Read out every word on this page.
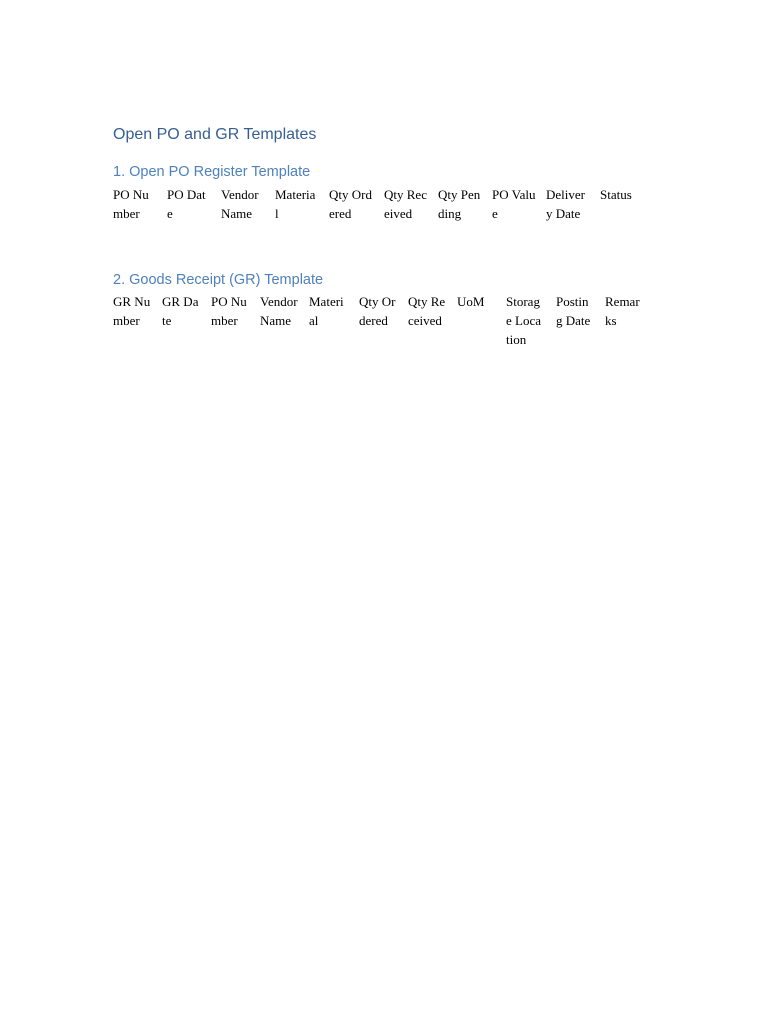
Open PO and GR Templates
1. Open PO Register Template
PO Number
PO Date
Vendor Name
Material
Qty Ordered
Qty Received
Qty Pending
PO Value
Delivery Date
Status
2. Goods Receipt (GR) Template
GR Number
GR Date
PO Number
Vendor Name
Material
Qty Ordered
Qty Received
UoM	Storage Location
Posting Date
Remarks
